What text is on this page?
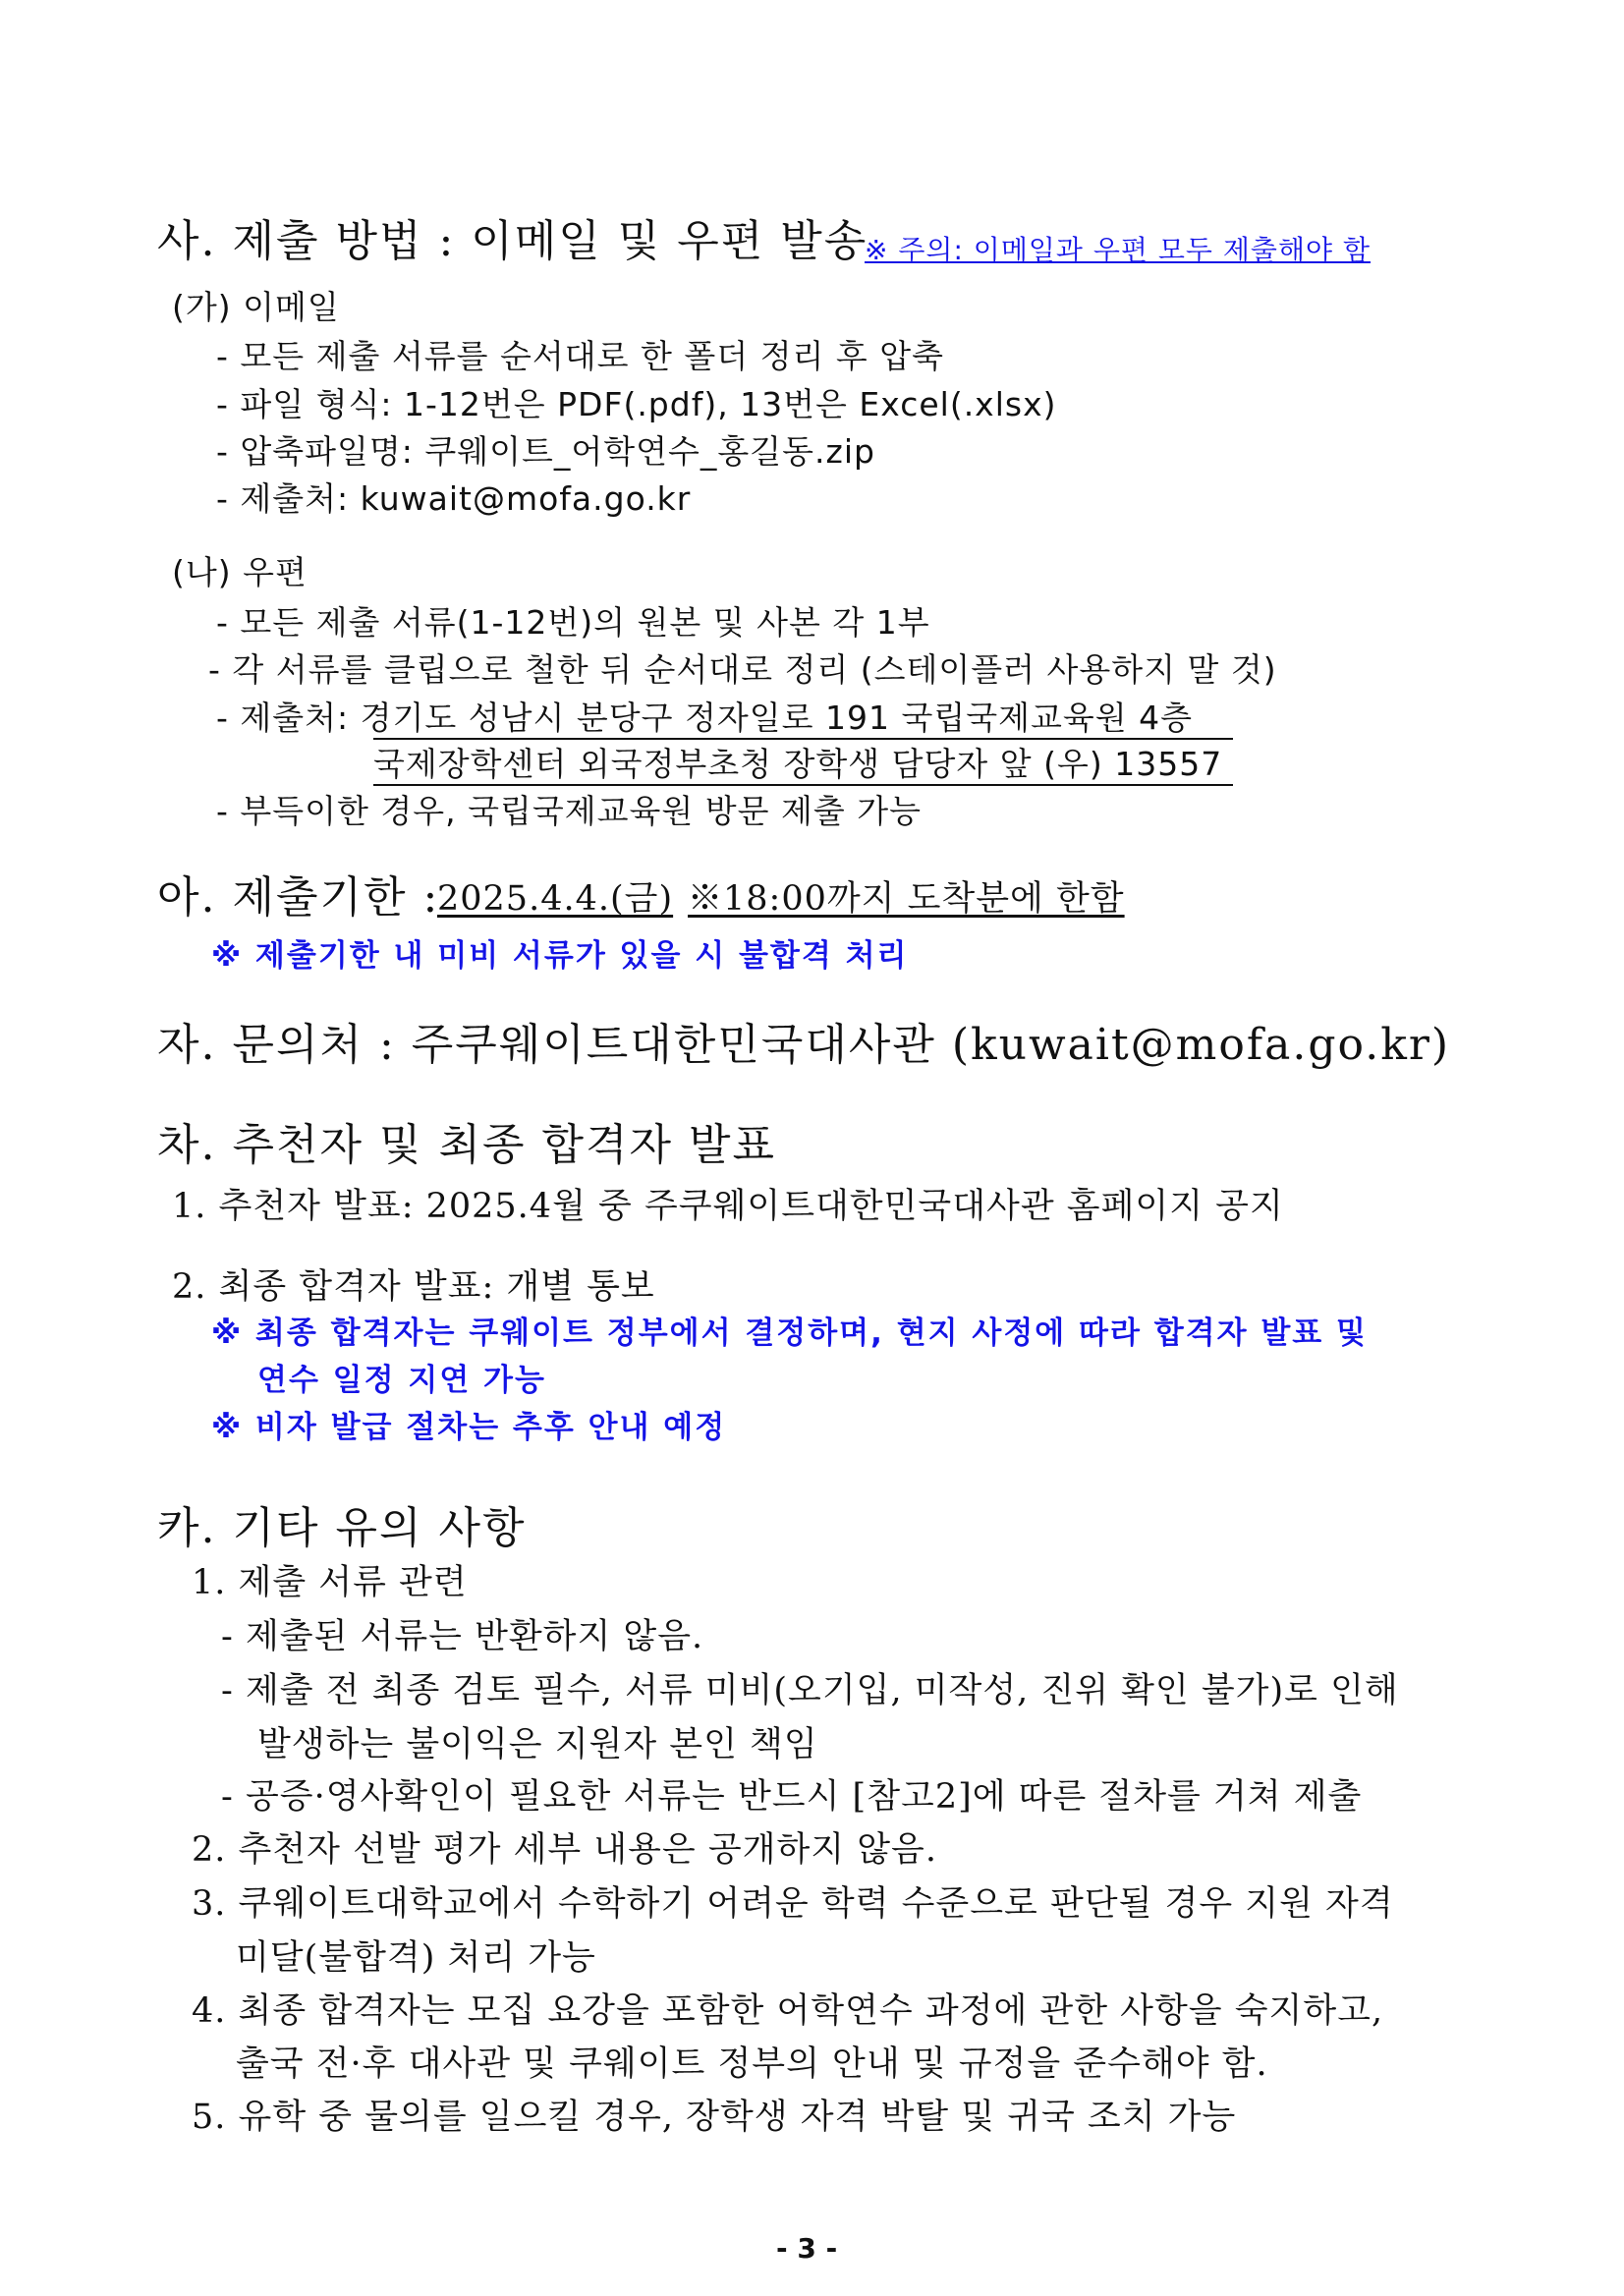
사. 제출 방법 : 이메일 및 우편 발송
※ 주의: 이메일과 우편 모두 제출해야 함
(가) 이메일
- 모든 제출 서류를 순서대로 한 폴더 정리 후 압축
- 파일 형식: 1-12번은 PDF(.pdf), 13번은 Excel(.xlsx)
- 압축파일명: 쿠웨이트_어학연수_홍길동.zip
- 제출처: kuwait@mofa.go.kr
(나) 우편
- 모든 제출 서류(1-12번)의 원본 및 사본 각 1부
- 각 서류를 클립으로 철한 뒤 순서대로 정리 (스테이플러 사용하지 말 것)
- 제출처: 경기도 성남시 분당구 정자일로 191 국립국제교육원 4층
국제장학센터 외국정부초청 장학생 담당자 앞 (우) 13557
- 부득이한 경우, 국립국제교육원 방문 제출 가능
아. 제출기한 :
2025.4.4.(금) ※18:00까지 도착분에 한함
※ 제출기한 내 미비 서류가 있을 시 불합격 처리
자. 문의처 : 주쿠웨이트대한민국대사관 (kuwait@mofa.go.kr)
차. 추천자 및 최종 합격자 발표
1. 추천자 발표: 2025.4월 중 주쿠웨이트대한민국대사관 홈페이지 공지
2. 최종 합격자 발표: 개별 통보
※ 최종 합격자는 쿠웨이트 정부에서 결정하며, 현지 사정에 따라 합격자 발표 및
연수 일정 지연 가능
※ 비자 발급 절차는 추후 안내 예정
카. 기타 유의 사항
1. 제출 서류 관련
- 제출된 서류는 반환하지 않음.
- 제출 전 최종 검토 필수, 서류 미비(오기입, 미작성, 진위 확인 불가)로 인해
발생하는 불이익은 지원자 본인 책임
- 공증·영사확인이 필요한 서류는 반드시 [참고2]에 따른 절차를 거쳐 제출
2. 추천자 선발 평가 세부 내용은 공개하지 않음.
3. 쿠웨이트대학교에서 수학하기 어려운 학력 수준으로 판단될 경우 지원 자격
미달(불합격) 처리 가능
4. 최종 합격자는 모집 요강을 포함한 어학연수 과정에 관한 사항을 숙지하고,
출국 전·후 대사관 및 쿠웨이트 정부의 안내 및 규정을 준수해야 함.
5. 유학 중 물의를 일으킬 경우, 장학생 자격 박탈 및 귀국 조치 가능
- 3 -
